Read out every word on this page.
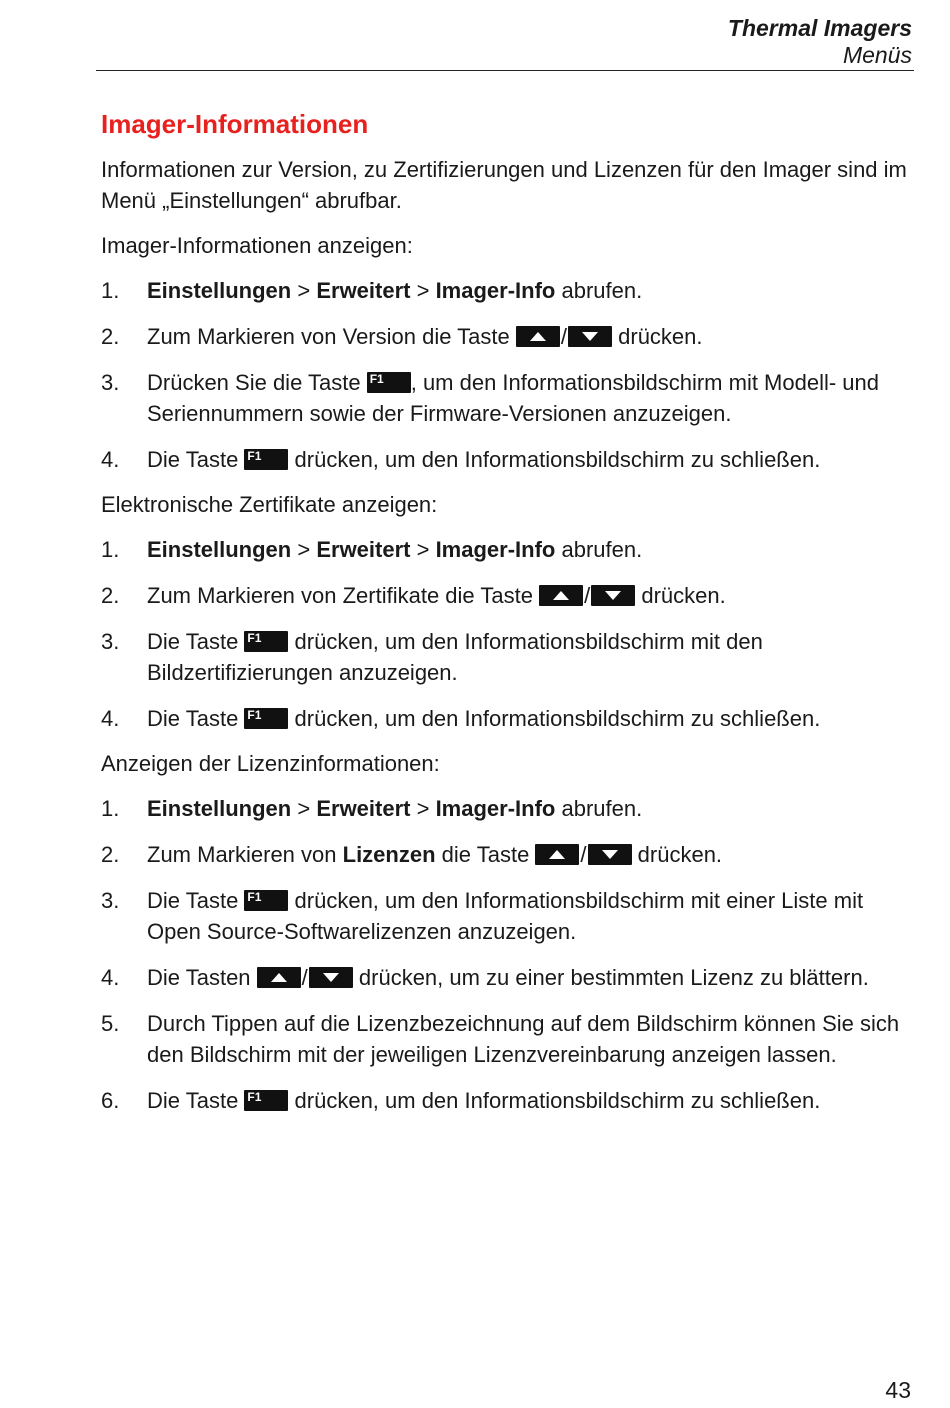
Thermal Imagers
Menüs
Imager-Informationen

Informationen zur Version, zu Zertifizierungen und Lizenzen für den Imager sind im Menü „Einstellungen“ abrufbar.

Imager-Informationen anzeigen:

1. Einstellungen > Erweitert > Imager-Info abrufen.
2. Zum Markieren von Version die Taste
/
drücken.
3. Drücken Sie die Taste F1 , um den Informationsbildschirm mit Modell- und Seriennummern sowie der Firmware-Versionen anzuzeigen.
4. Die Taste F1 drücken, um den Informationsbildschirm zu schließen.

Elektronische Zertifikate anzeigen:

1. Einstellungen > Erweitert > Imager-Info abrufen.
2. Zum Markieren von Zertifikate die Taste
/
drücken.
3. Die Taste F1 drücken, um den Informationsbildschirm mit den Bildzertifizierungen anzuzeigen.
4. Die Taste F1 drücken, um den Informationsbildschirm zu schließen.

Anzeigen der Lizenzinformationen:

1. Einstellungen > Erweitert > Imager-Info abrufen.
2. Zum Markieren von Lizenzen die Taste
/
drücken.
3. Die Taste F1 drücken, um den Informationsbildschirm mit einer Liste mit Open Source-Softwarelizenzen anzuzeigen.
4. Die Tasten
/
drücken, um zu einer bestimmten Lizenz zu blättern.
5. Durch Tippen auf die Lizenzbezeichnung auf dem Bildschirm können Sie sich den Bildschirm mit der jeweiligen Lizenzvereinbarung anzeigen lassen.
6. Die Taste F1 drücken, um den Informationsbildschirm zu schließen.
43
